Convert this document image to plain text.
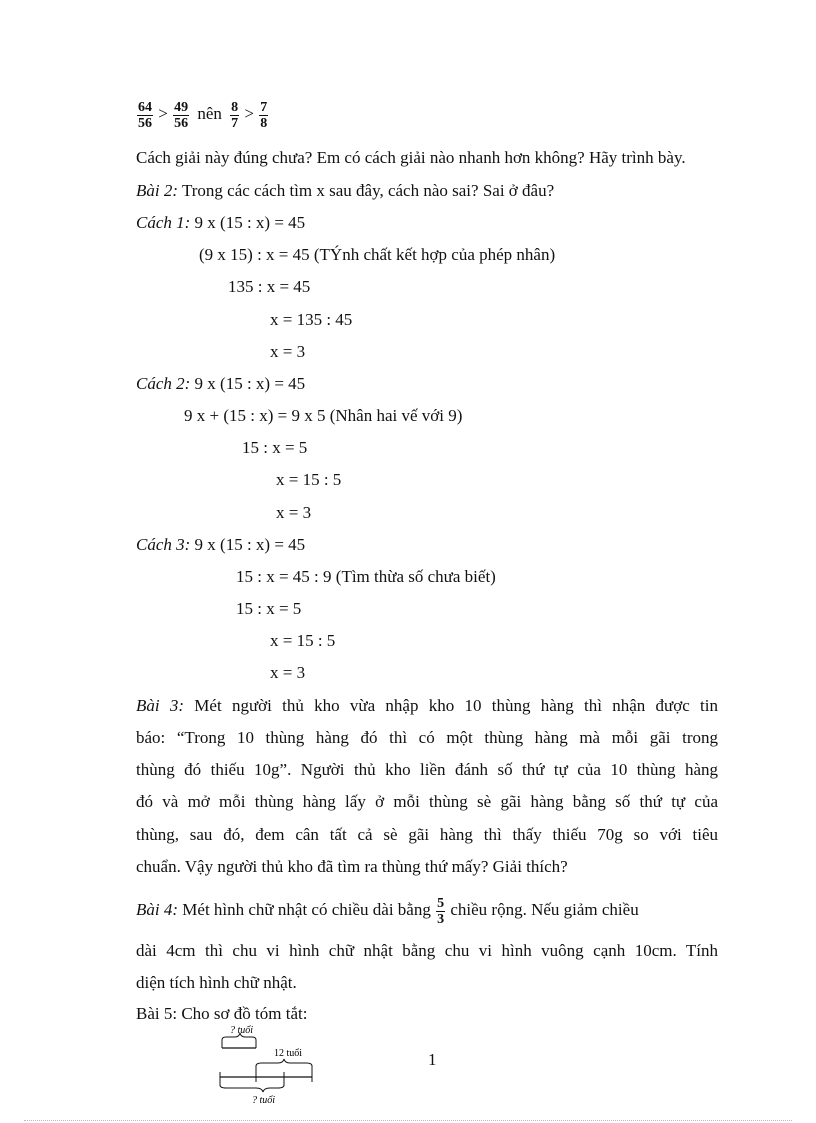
$\frac{64}{56} > \frac{49}{56}$ nên $\frac{8}{7} > \frac{7}{8}$
Cách giải này đúng chưa? Em có cách giải nào nhanh hơn không? Hãy trình bày.
Bài 2: Trong các cách tìm x sau đây, cách nào sai? Sai ở đâu?
Cách 1: 9 x (15 : x) = 45
(9 x 15) : x = 45 (TÝnh chất kết hợp của phép nhân)
135 : x = 45
x = 135 : 45
x = 3
Cách 2: 9 x (15 : x) = 45
9 x + (15 : x) = 9 x 5 (Nhân hai vế với 9)
15 : x = 5
x = 15 : 5
x = 3
Cách 3: 9 x (15 : x) = 45
15 : x = 45 : 9 (Tìm thừa số chưa biết)
15 : x = 5
x = 15 : 5
x = 3
Bài 3: Mét người thủ kho vừa nhập kho 10 thùng hàng thì nhận được tin
báo: “Trong 10 thùng hàng đó thì có một thùng hàng mà mỗi gãi trong
thùng đó thiếu 10g”. Người thủ kho liền đánh số thứ tự của 10 thùng hàng
đó và mở mỗi thùng hàng lấy ở mỗi thùng sè gãi hàng bằng số thứ tự của
thùng, sau đó, đem cân tất cả sè gãi hàng thì thấy thiếu 70g so với tiêu
chuẩn. Vậy người thủ kho đã tìm ra thùng thứ mấy? Giải thích?
Bài 4: Mét hình chữ nhật có chiều dài bằng $\frac{5}{3}$ chiều rộng. Nếu giảm chiều
dài 4cm thì chu vi hình chữ nhật bằng chu vi hình vuông cạnh 10cm. Tính
diện tích hình chữ nhật.
Bài 5: Cho sơ đồ tóm tắt:
? tuổi
12 tuổi
? tuổi
1
